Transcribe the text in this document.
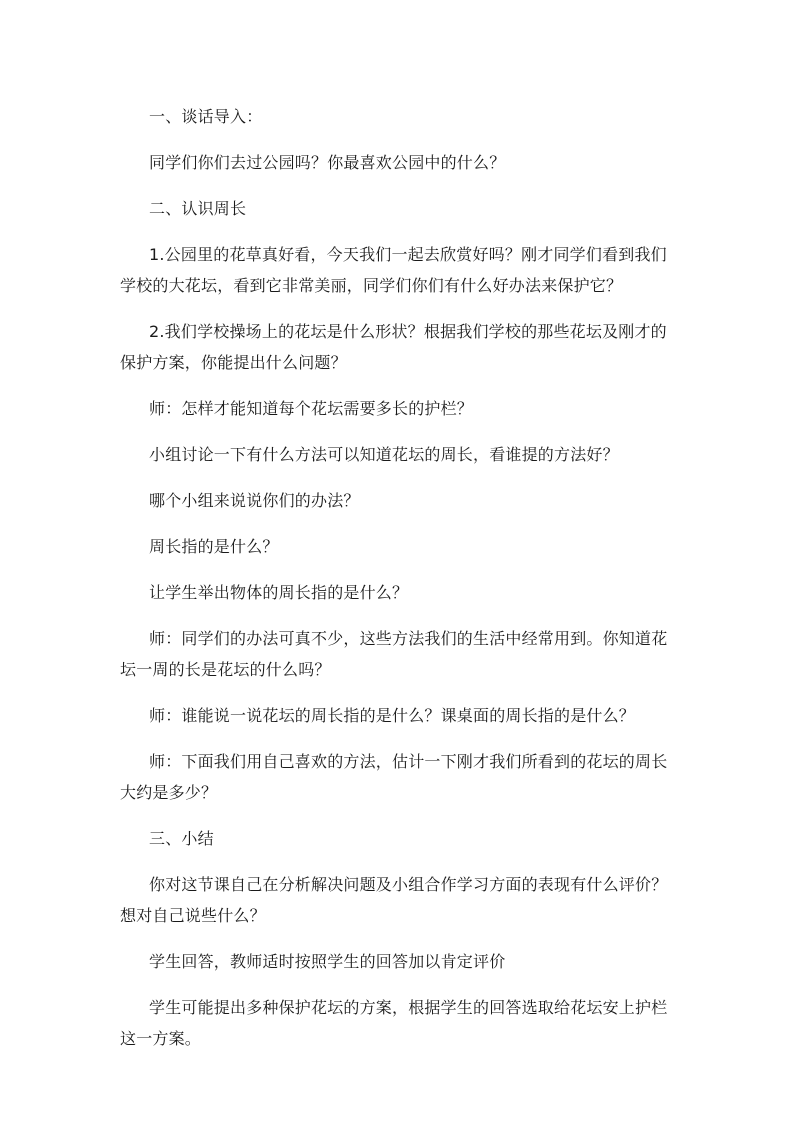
一、谈话导入：

同学们你们去过公园吗？你最喜欢公园中的什么？

二、认识周长

1.公园里的花草真好看，今天我们一起去欣赏好吗？刚才同学们看到我们学校的大花坛，看到它非常美丽，同学们你们有什么好办法来保护它？

2.我们学校操场上的花坛是什么形状？根据我们学校的那些花坛及刚才的保护方案，你能提出什么问题？

师：怎样才能知道每个花坛需要多长的护栏？

小组讨论一下有什么方法可以知道花坛的周长，看谁提的方法好？

哪个小组来说说你们的办法？

周长指的是什么？

让学生举出物体的周长指的是什么？

师：同学们的办法可真不少，这些方法我们的生活中经常用到。你知道花坛一周的长是花坛的什么吗？

师：谁能说一说花坛的周长指的是什么？课桌面的周长指的是什么？

师：下面我们用自己喜欢的方法，估计一下刚才我们所看到的花坛的周长大约是多少？

三、小结

你对这节课自己在分析解决问题及小组合作学习方面的表现有什么评价？想对自己说些什么？

学生回答，教师适时按照学生的回答加以肯定评价

学生可能提出多种保护花坛的方案，根据学生的回答选取给花坛安上护栏这一方案。
